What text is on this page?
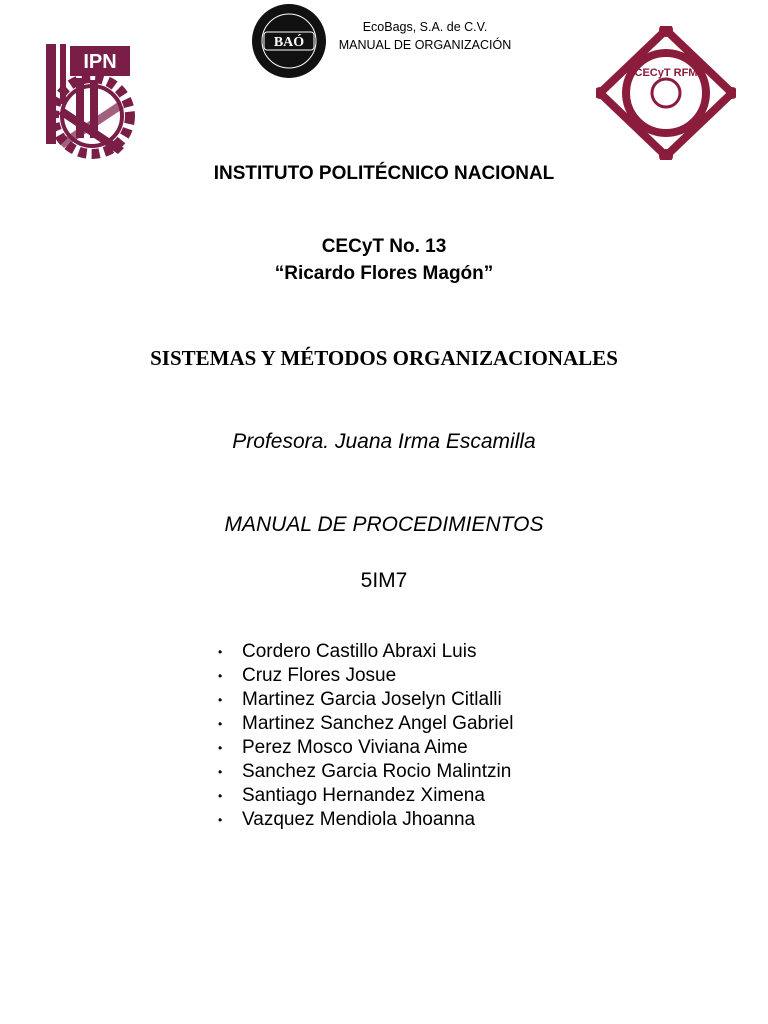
IPN
BAÓ
EcoBags, S.A. de C.V.
MANUAL DE ORGANIZACIÓN
CECyT RFM
INSTITUTO POLITÉCNICO NACIONAL
CECyT No. 13
“Ricardo Flores Magón”
SISTEMAS Y MÉTODOS ORGANIZACIONALES
Profesora. Juana Irma Escamilla
MANUAL DE PROCEDIMIENTOS
5IM7
• Cordero Castillo Abraxi Luis
• Cruz Flores Josue
• Martinez Garcia Joselyn Citlalli
• Martinez Sanchez Angel Gabriel
• Perez Mosco Viviana Aime
• Sanchez Garcia Rocio Malintzin
• Santiago Hernandez Ximena
• Vazquez Mendiola Jhoanna
